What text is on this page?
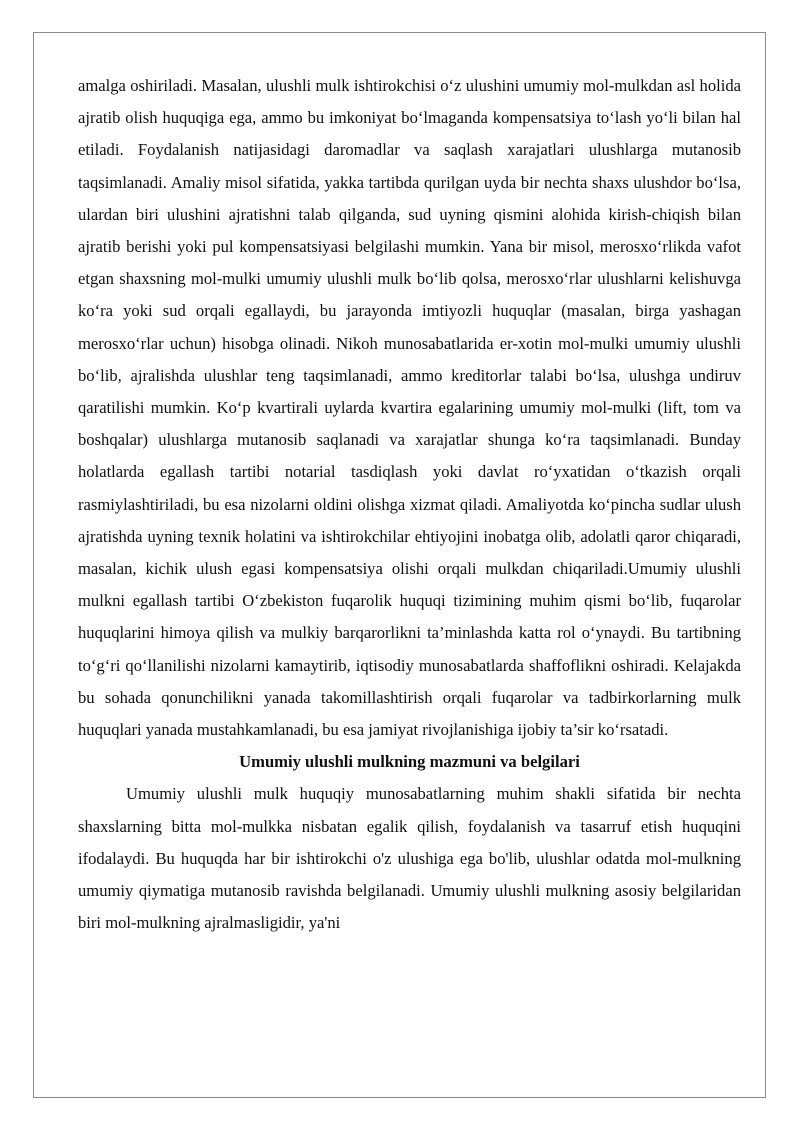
amalga oshiriladi. Masalan, ulushli mulk ishtirokchisi o‘z ulushini umumiy mol-mulkdan asl holida ajratib olish huquqiga ega, ammo bu imkoniyat bo‘lmaganda kompensatsiya to‘lash yo‘li bilan hal etiladi. Foydalanish natijasidagi daromadlar va saqlash xarajatlari ulushlarga mutanosib taqsimlanadi. Amaliy misol sifatida, yakka tartibda qurilgan uyda bir nechta shaxs ulushdor bo‘lsa, ulardan biri ulushini ajratishni talab qilganda, sud uyning qismini alohida kirish-chiqish bilan ajratib berishi yoki pul kompensatsiyasi belgilashi mumkin. Yana bir misol, merosxo‘rlikda vafot etgan shaxsning mol-mulki umumiy ulushli mulk bo‘lib qolsa, merosxo‘rlar ulushlarni kelishuvga ko‘ra yoki sud orqali egallaydi, bu jarayonda imtiyozli huquqlar (masalan, birga yashagan merosxo‘rlar uchun) hisobga olinadi. Nikoh munosabatlarida er-xotin mol-mulki umumiy ulushli bo‘lib, ajralishda ulushlar teng taqsimlanadi, ammo kreditorlar talabi bo‘lsa, ulushga undiruv qaratilishi mumkin. Ko‘p kvartirali uylarda kvartira egalarining umumiy mol-mulki (lift, tom va boshqalar) ulushlarga mutanosib saqlanadi va xarajatlar shunga ko‘ra taqsimlanadi. Bunday holatlarda egallash tartibi notarial tasdiqlash yoki davlat ro‘yxatidan o‘tkazish orqali rasmiylashtiriladi, bu esa nizolarni oldini olishga xizmat qiladi. Amaliyotda ko‘pincha sudlar ulush ajratishda uyning texnik holatini va ishtirokchilar ehtiyojini inobatga olib, adolatli qaror chiqaradi, masalan, kichik ulush egasi kompensatsiya olishi orqali mulkdan chiqariladi.Umumiy ulushli mulkni egallash tartibi O‘zbekiston fuqarolik huquqi tizimining muhim qismi bo‘lib, fuqarolar huquqlarini himoya qilish va mulkiy barqarorlikni ta’minlashda katta rol o‘ynaydi. Bu tartibning to‘g‘ri qo‘llanilishi nizolarni kamaytirib, iqtisodiy munosabatlarda shaffoflikni oshiradi. Kelajakda bu sohada qonunchilikni yanada takomillashtirish orqali fuqarolar va tadbirkorlarning mulk huquqlari yanada mustahkamlanadi, bu esa jamiyat rivojlanishiga ijobiy ta’sir ko‘rsatadi.

Umumiy ulushli mulkning mazmuni va belgilari

Umumiy ulushli mulk huquqiy munosabatlarning muhim shakli sifatida bir nechta shaxslarning bitta mol-mulkka nisbatan egalik qilish, foydalanish va tasarruf etish huquqini ifodalaydi. Bu huquqda har bir ishtirokchi o'z ulushiga ega bo'lib, ulushlar odatda mol-mulkning umumiy qiymatiga mutanosib ravishda belgilanadi. Umumiy ulushli mulkning asosiy belgilaridan biri mol-mulkning ajralmasligidir, ya'ni
